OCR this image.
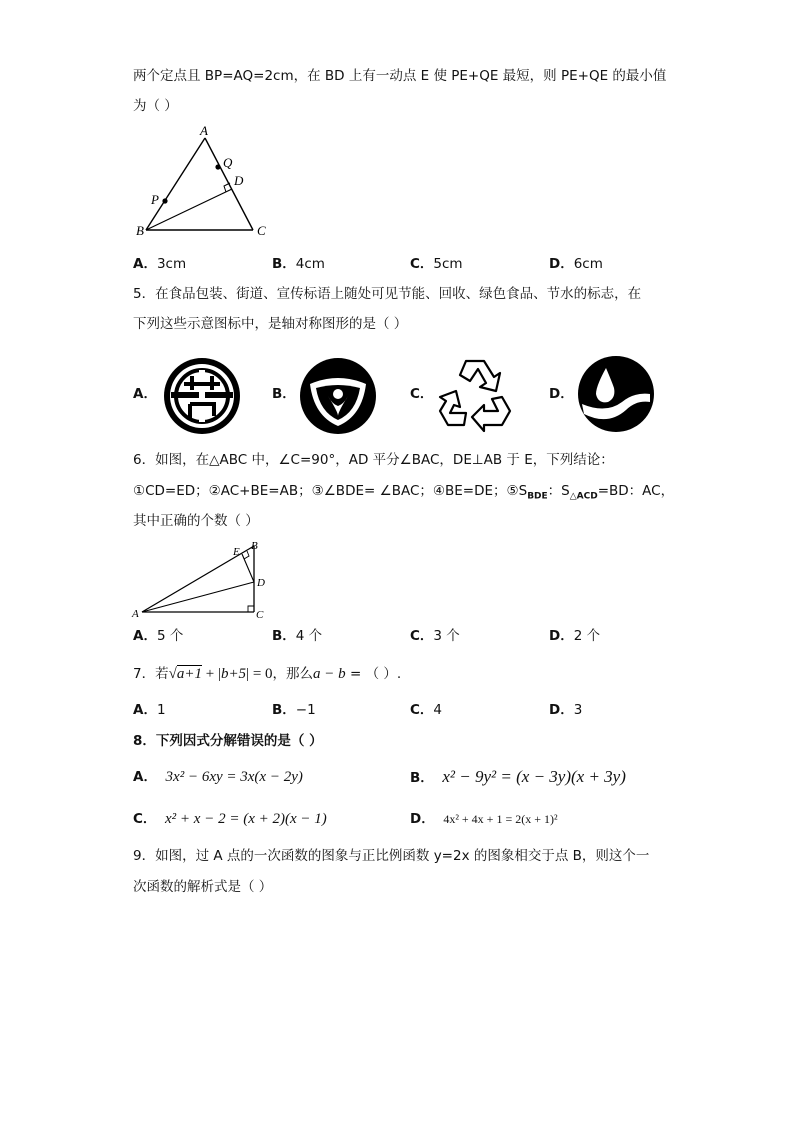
两个定点且 BP=AQ=2cm，在 BD 上有一动点 E 使 PE+QE 最短，则 PE+QE 的最小值
为（ ）
A
Q
D
P
B	C
A．3cm	B．4cm	C．5cm	D．6cm
5．在食品包装、街道、宣传标语上随处可见节能、回收、绿色食品、节水的标志，在
下列这些示意图标中，是轴对称图形的是（ ）
A．	B．	C．	D．
6．如图，在△ABC 中，∠C=90°，AD 平分∠BAC，DE⊥AB 于 E，下列结论：
①CD=ED；②AC+BE=AB；③∠BDE= ∠BAC；④BE=DE；$⑤S_{BDE}$：$S_{\triangle ACD}=BD$：AC，
其中正确的个数（ ）
E B
D
A	C
A．5 个	B．4 个	C．3 个	D．2 个
7．若√a+1 + |b+5| = 0，那么a − b = （ ）.
A．1	B．−1	C．4	D．3
8．下列因式分解错误的是（ ）
A． 3x² − 6xy = 3x(x − 2y)	B． x² − 9y² = (x − 3y)(x + 3y)
C． x² + x − 2 = (x + 2)(x − 1)	D． 4x² + 4x + 1 = 2(x + 1)²
9．如图，过 A 点的一次函数的图象与正比例函数 y=2x 的图象相交于点 B，则这个一
次函数的解析式是（ ）
